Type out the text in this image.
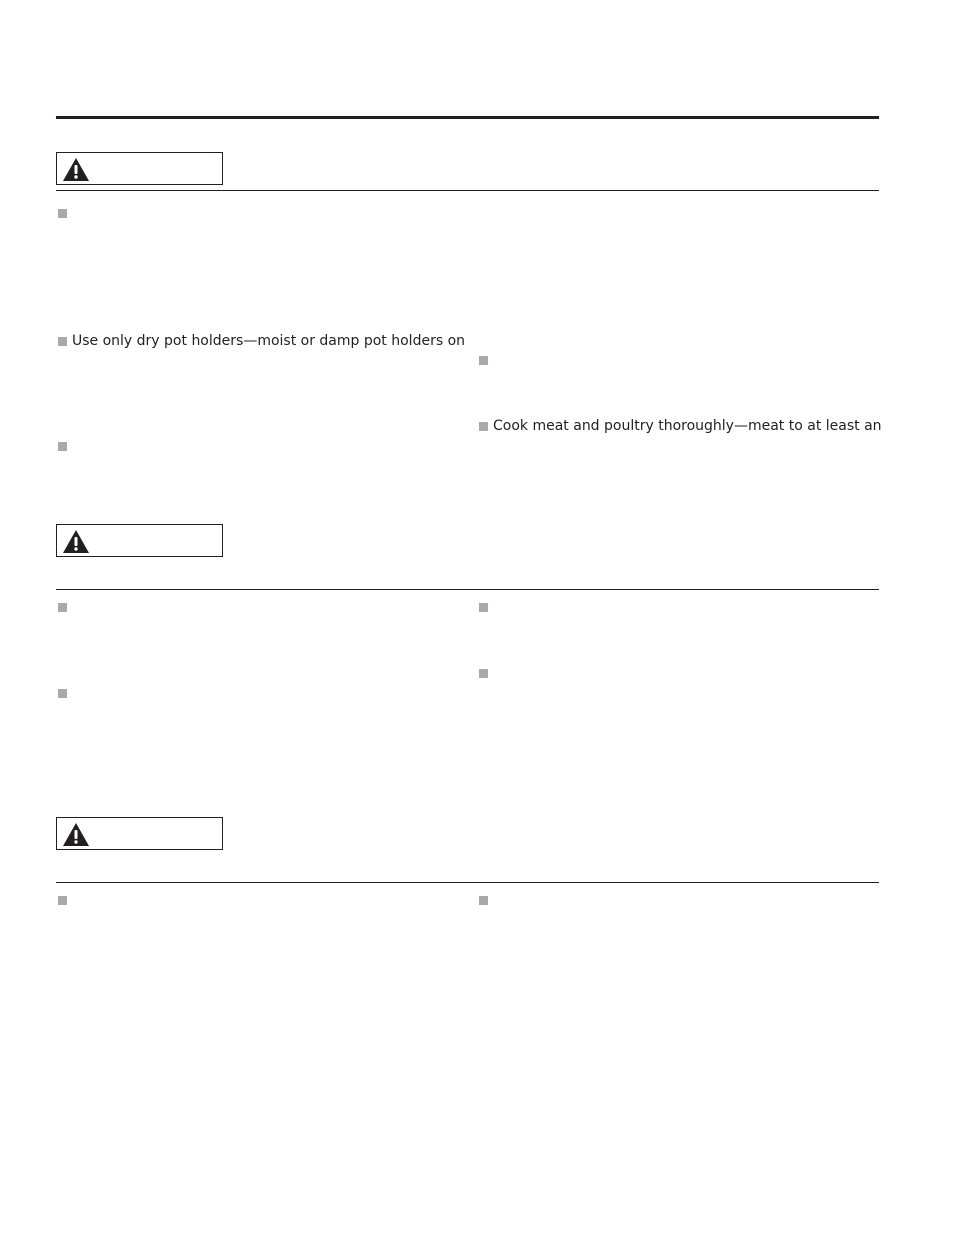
Use only dry pot holders—moist or damp pot holders on
Cook meat and poultry thoroughly—meat to at least an
